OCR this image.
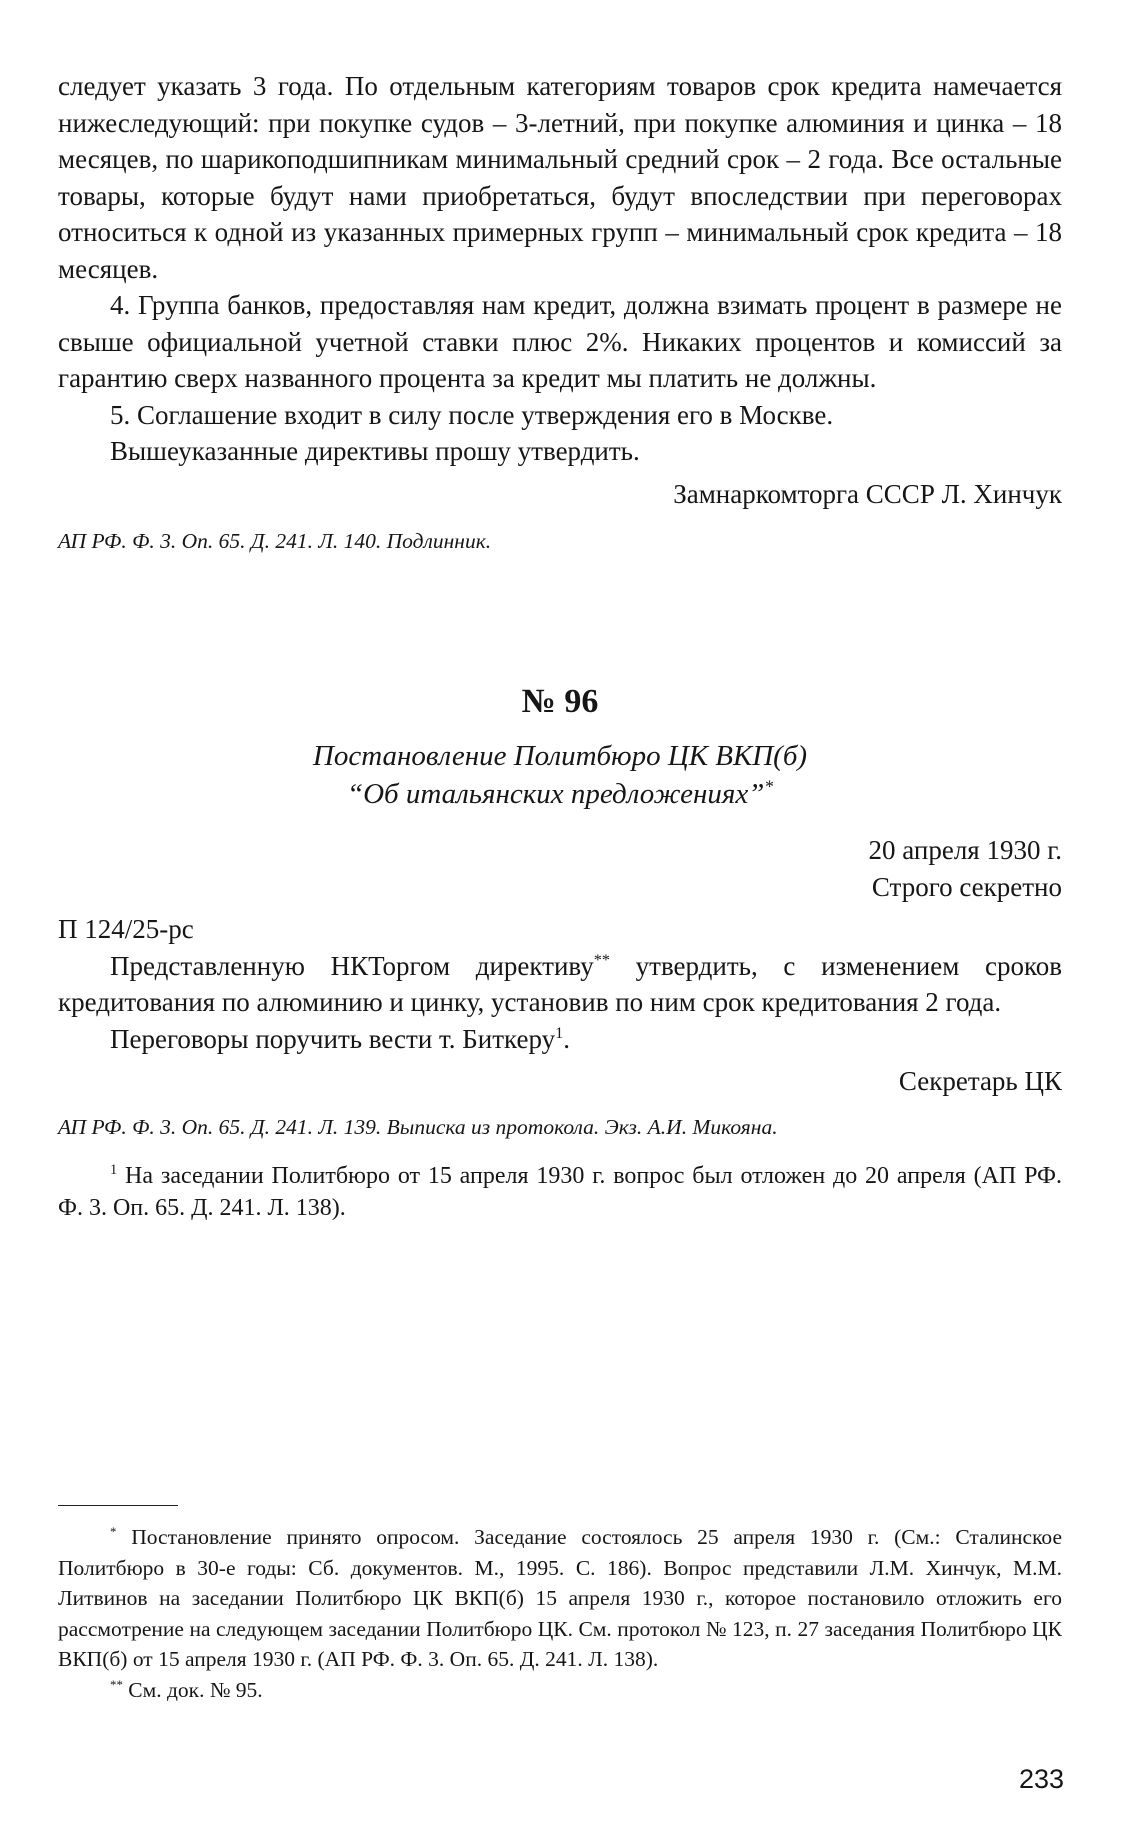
следует указать 3 года. По отдельным категориям товаров срок кредита намечается нижеследующий: при покупке судов – 3-летний, при покупке алюминия и цинка – 18 месяцев, по шарикоподшипникам минимальный средний срок – 2 года. Все остальные товары, которые будут нами приобретаться, будут впоследствии при переговорах относиться к одной из указанных примерных групп – минимальный срок кредита – 18 месяцев.

4. Группа банков, предоставляя нам кредит, должна взимать процент в размере не свыше официальной учетной ставки плюс 2%. Никаких процентов и комиссий за гарантию сверх названного процента за кредит мы платить не должны.

5. Соглашение входит в силу после утверждения его в Москве.

Вышеуказанные директивы прошу утвердить.

Замнаркомторга СССР Л. Хинчук

АП РФ. Ф. 3. Оп. 65. Д. 241. Л. 140. Подлинник.

№ 96

Постановление Политбюро ЦК ВКП(б)

“Об итальянских предложениях”*

20 апреля 1930 г.

Строго секретно

П 124/25-рс

Представленную НКТоргом директиву** утвердить, с изменением сроков кредитования по алюминию и цинку, установив по ним срок кредитования 2 года.

Переговоры поручить вести т. Биткеру$^1$.

Секретарь ЦК

АП РФ. Ф. 3. Оп. 65. Д. 241. Л. 139. Выписка из протокола. Экз. А.И. Микояна.

$^1$ На заседании Политбюро от 15 апреля 1930 г. вопрос был отложен до 20 апреля (АП РФ. Ф. 3. Оп. 65. Д. 241. Л. 138).

* Постановление принято опросом. Заседание состоялось 25 апреля 1930 г. (См.: Сталинское Политбюро в 30-е годы: Сб. документов. М., 1995. С. 186). Вопрос представили Л.М. Хинчук, М.М. Литвинов на заседании Политбюро ЦК ВКП(б) 15 апреля 1930 г., которое постановило отложить его рассмотрение на следующем заседании Политбюро ЦК. См. протокол № 123, п. 27 заседания Политбюро ЦК ВКП(б) от 15 апреля 1930 г. (АП РФ. Ф. 3. Оп. 65. Д. 241. Л. 138).

** См. док. № 95.

233
